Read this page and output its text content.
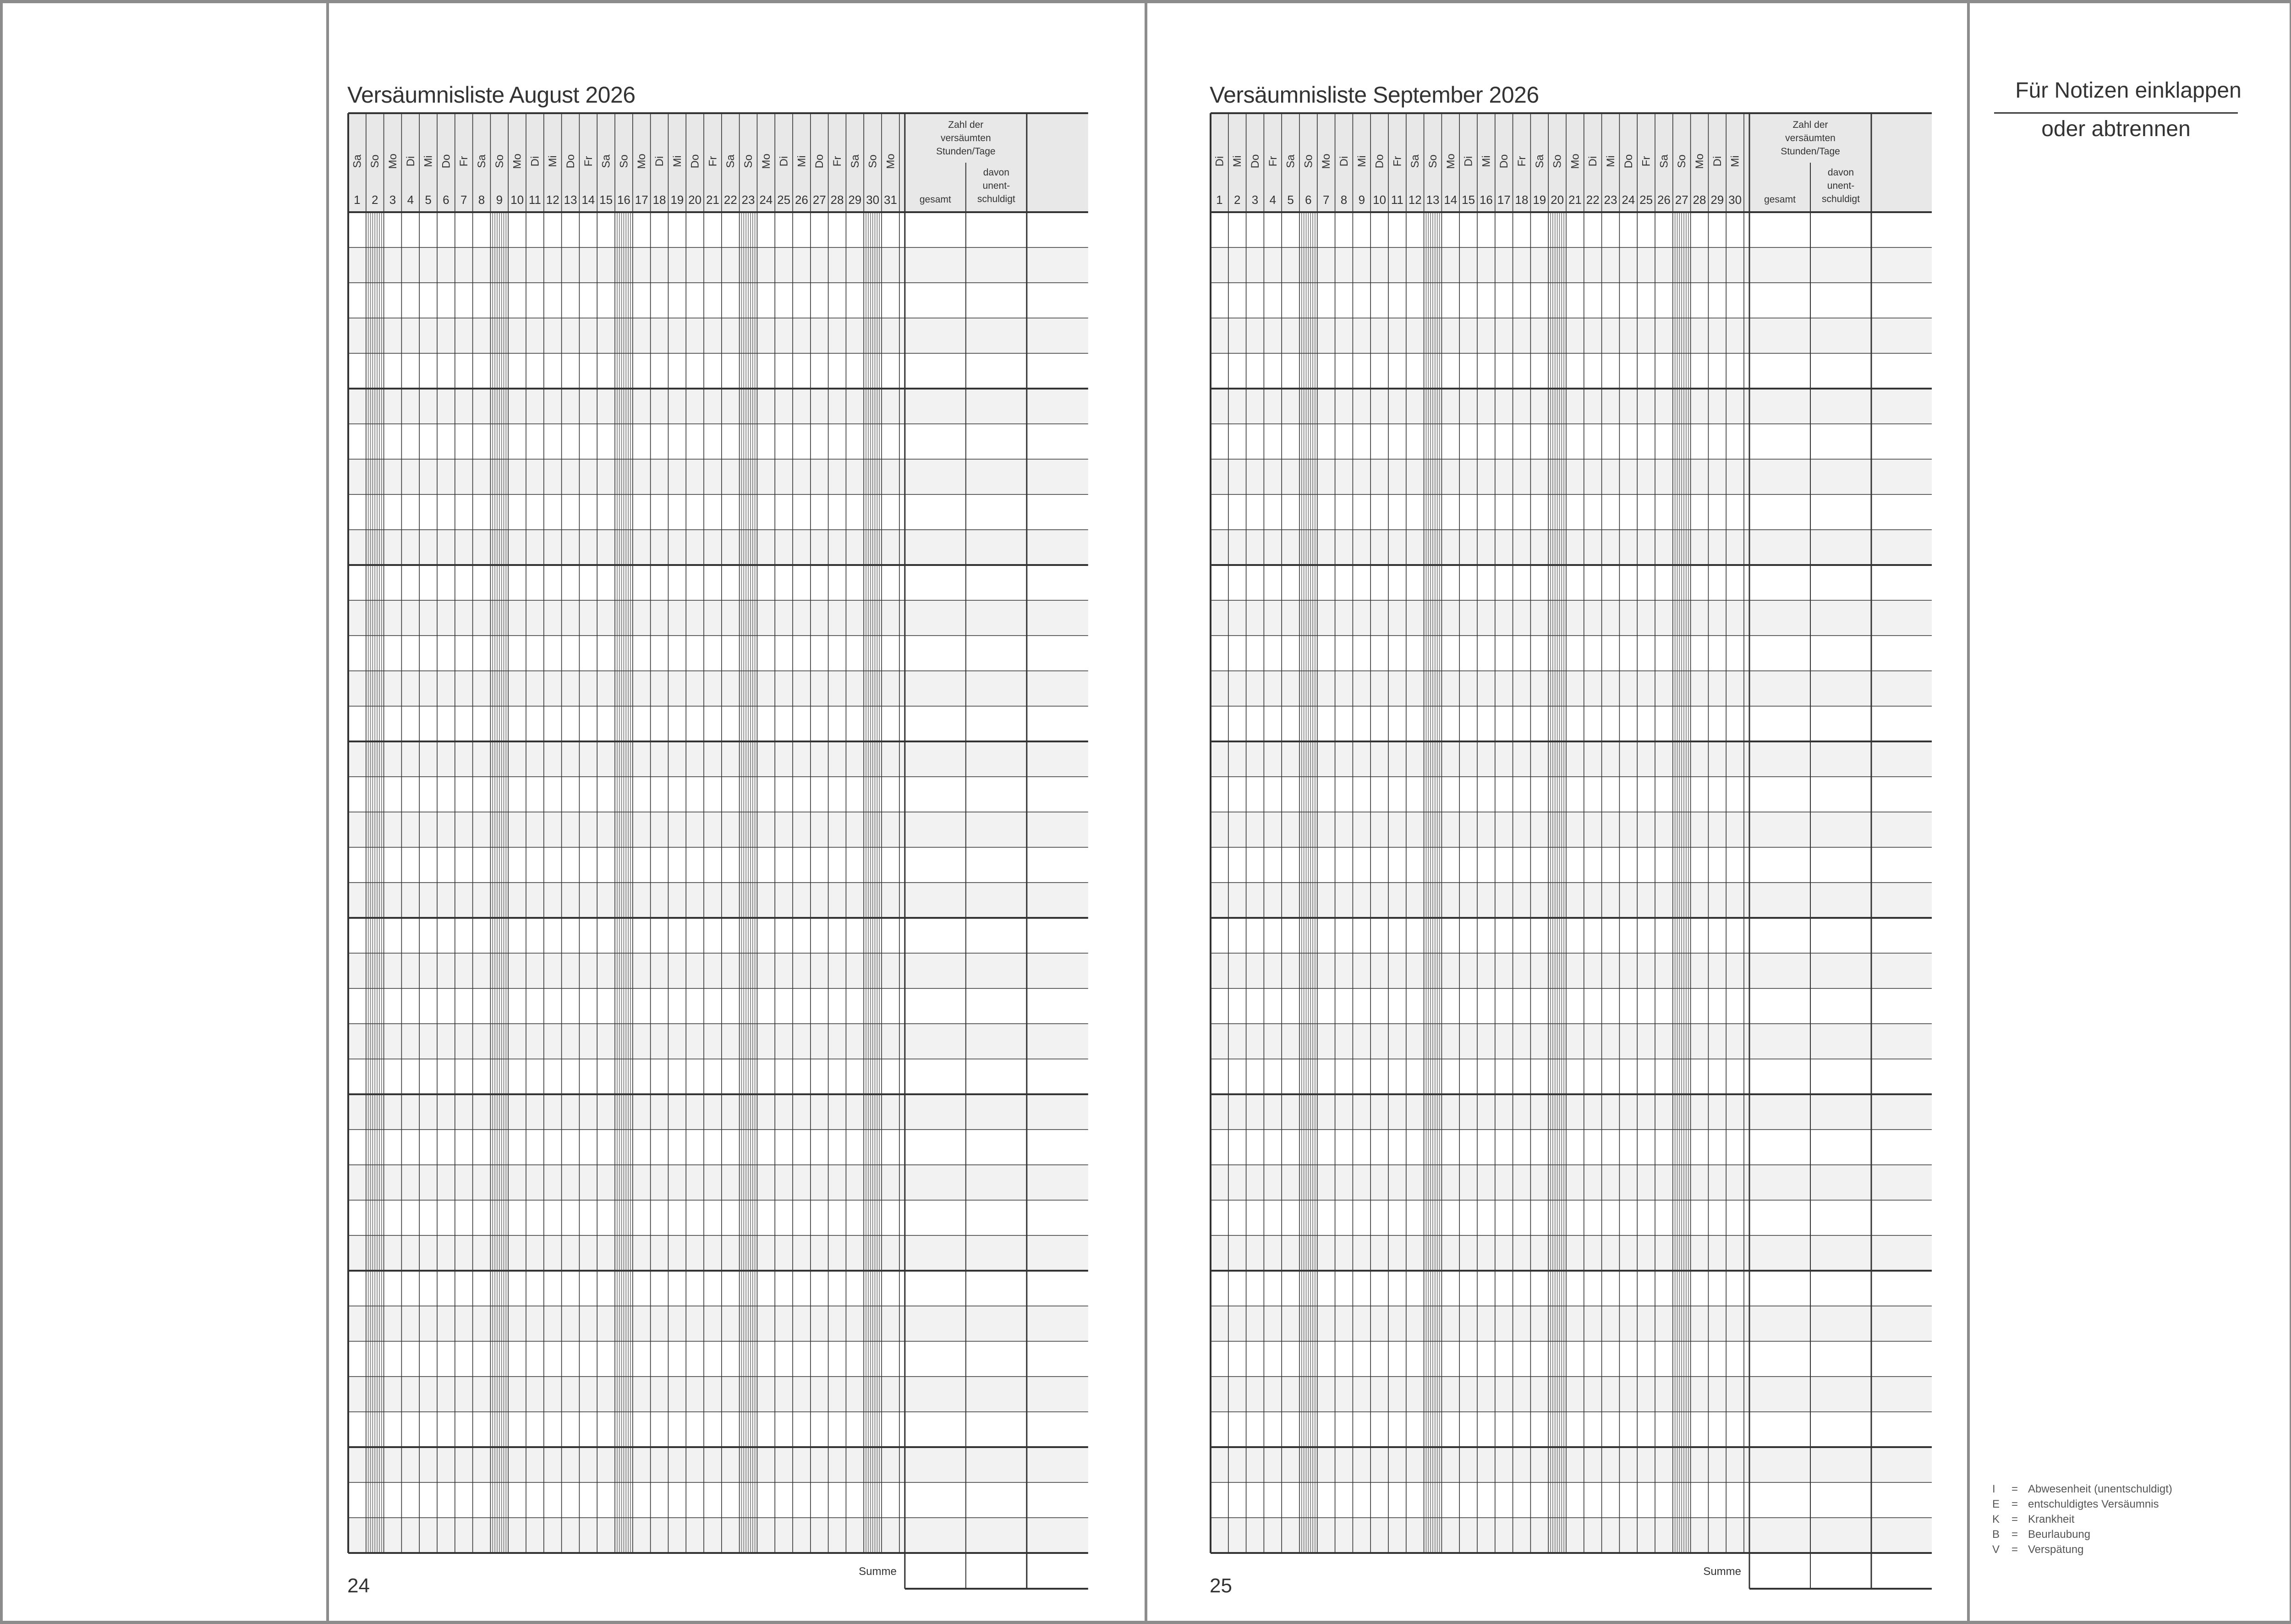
Versäumnisliste August 2026	Versäumnisliste September 2026
Sa So Mo Di Mi Do Fr Sa So Mo Di Mi Do Fr Sa So Mo Di Mi Do Fr Sa So Mo Di Mi Do Fr Sa So Mo
1 2 3 4 5 6 7 8 9 10 11 12 13 14 15 16 17 18 19 20 21 22 23 24 25 26 27 28 29 30 31
Zahl der
versäumten
Stunden/Tage
gesamt
davon
unent-
schuldigt
Summe
Di Mi Do Fr Sa So Mo Di Mi Do Fr Sa So Mo Di Mi Do Fr Sa So Mo Di Mi Do Fr Sa So Mo Di Mi
1 2 3 4 5 6 7 8 9 10 11 12 13 14 15 16 17 18 19 20 21 22 23 24 25 26 27 28 29 30
Zahl der
versäumten
Stunden/Tage
gesamt
davon
unent-
schuldigt
Summe
24	25
Für Notizen einklappen
oder abtrennen
I	= Abwesenheit (unentschuldigt)
E	= entschuldigtes Versäumnis
K	= Krankheit
B	= Beurlaubung
V	= Verspätung
